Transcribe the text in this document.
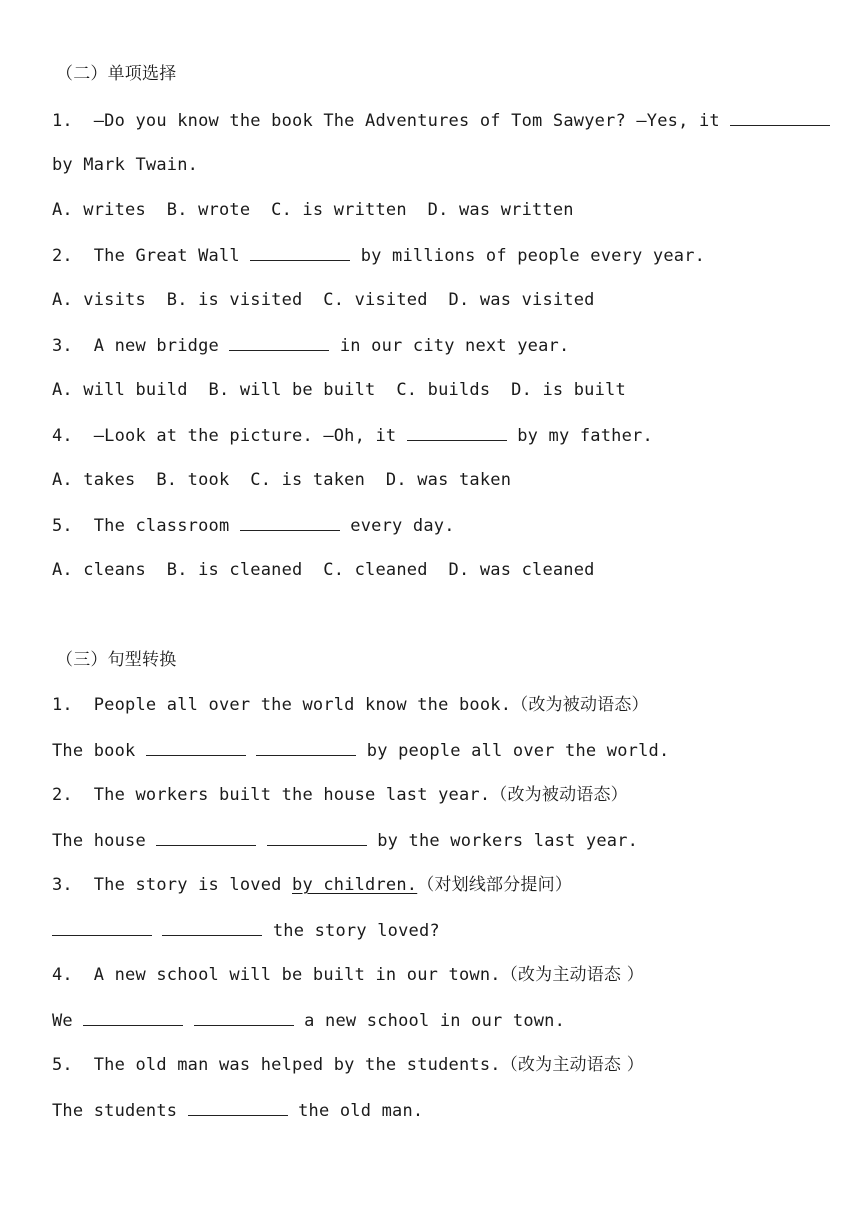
（二）单项选择
1. —Do you know the book The Adventures of Tom Sawyer? —Yes, it
by Mark Twain.
A. writes  B. wrote  C. is written  D. was written
2. The Great Wall	by millions of people every year.
A. visits  B. is visited  C. visited  D. was visited
3. A new bridge	in our city next year.
A. will build  B. will be built  C. builds  D. is built
4. —Look at the picture. —Oh, it	by my father.
A. takes  B. took  C. is taken  D. was taken
5. The classroom	every day.
A. cleans  B. is cleaned  C. cleaned  D. was cleaned
（三）句型转换
1. People all over the world know the book.（改为被动语态）
The book	by people all over the world.
2. The workers built the house last year.（改为被动语态）
The house	by the workers last year.
3. The story is loved by children.（对划线部分提问）
the story loved?
4. A new school will be built in our town.（改为主动语态 ）
We	a new school in our town.
5. The old man was helped by the students.（改为主动语态 ）
The students	the old man.
